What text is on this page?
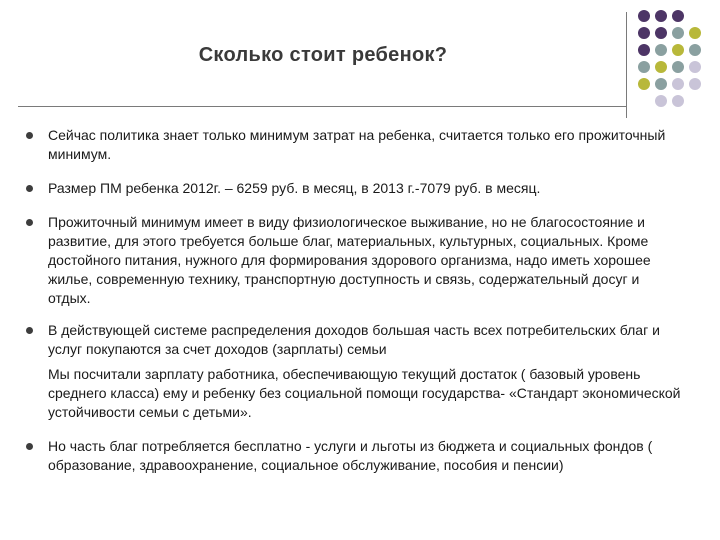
Сколько стоит ребенок?
Сейчас политика знает только минимум затрат на ребенка, считается только его прожиточный минимум.
Размер ПМ ребенка 2012г. – 6259 руб. в месяц, в 2013 г.-7079 руб. в месяц.
Прожиточный минимум имеет в виду физиологическое выживание, но не благосостояние и развитие, для этого требуется больше благ, материальных, культурных, социальных. Кроме достойного питания, нужного для формирования здорового организма, надо иметь хорошее жилье, современную технику, транспортную доступность и связь, содержательный досуг и отдых.
В действующей системе распределения доходов большая часть всех потребительских благ и услуг покупаются за счет доходов (зарплаты) семьи
Мы посчитали зарплату работника, обеспечивающую текущий достаток ( базовый уровень среднего класса) ему и ребенку без социальной помощи государства- «Стандарт экономической устойчивости семьи с детьми».
Но часть благ потребляется бесплатно - услуги и льготы из бюджета и социальных фондов ( образование, здравоохранение, социальное обслуживание, пособия и пенсии)
